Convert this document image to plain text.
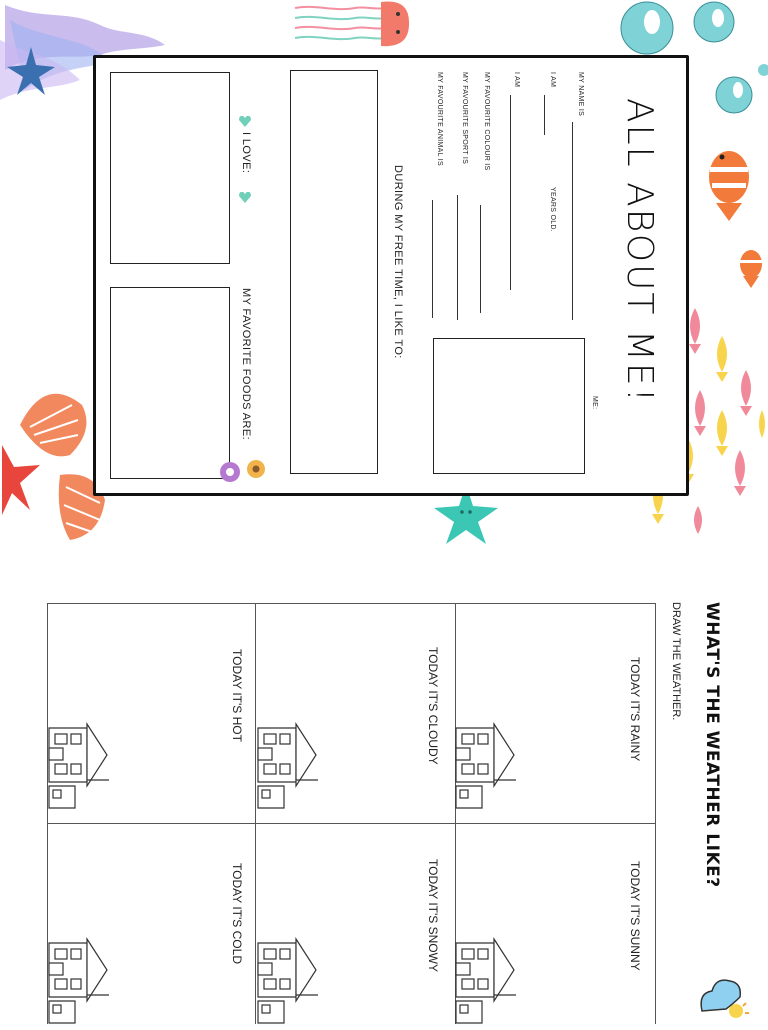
ALL ABOUT ME!
MY NAME IS
I AM
YEARS OLD.
I AM
MY FAVOURITE COLOUR IS
MY FAVOURITE SPORT IS
MY FAVOURITE ANIMAL IS
ME:
DURING MY FREE TIME, I LIKE TO:
I LOVE:
MY FAVORITE FOODS ARE:
WHAT'S THE WEATHER LIKE?
DRAW THE WEATHER.
TODAY IT'S RAINY
TODAY IT'S SUNNY
TODAY IT'S CLOUDY
TODAY IT'S SNOWY
TODAY IT'S HOT
TODAY IT'S COLD
